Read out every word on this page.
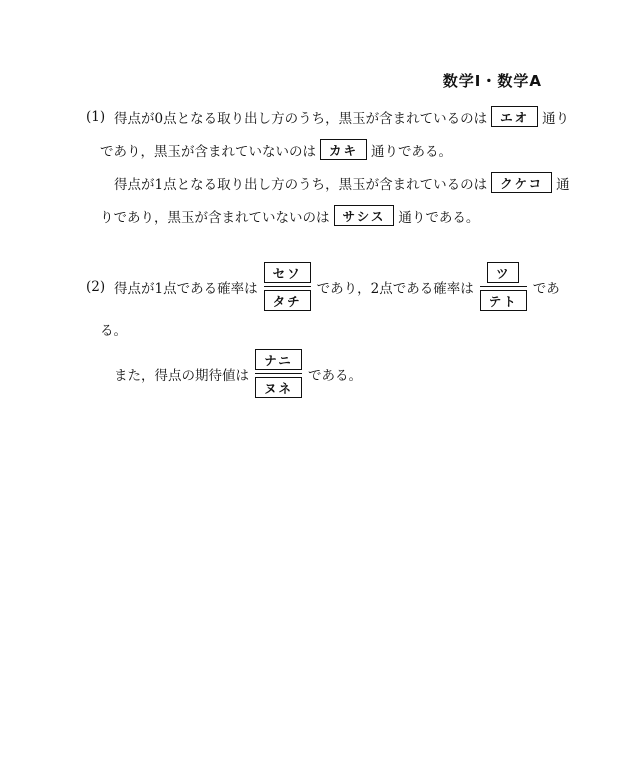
数学Ⅰ・数学A
(1) 得点が0点となる取り出し方のうち，黒玉が含まれているのは	エオ 通り
であり，黒玉が含まれていないのは	カキ 通りである。
得点が1点となる取り出し方のうち，黒玉が含まれているのは	クケコ 通
りであり，黒玉が含まれていないのは	サシス 通りである。
(2) 得点が1点である確率は $\frac{\text{セソ}}{\text{タチ}}$ であり，2点である確率は $\frac{\text{ツ}}{\text{テト}}$ であ
る。
また，得点の期待値は $\frac{\text{ナニ}}{\text{ヌネ}}$ である。
